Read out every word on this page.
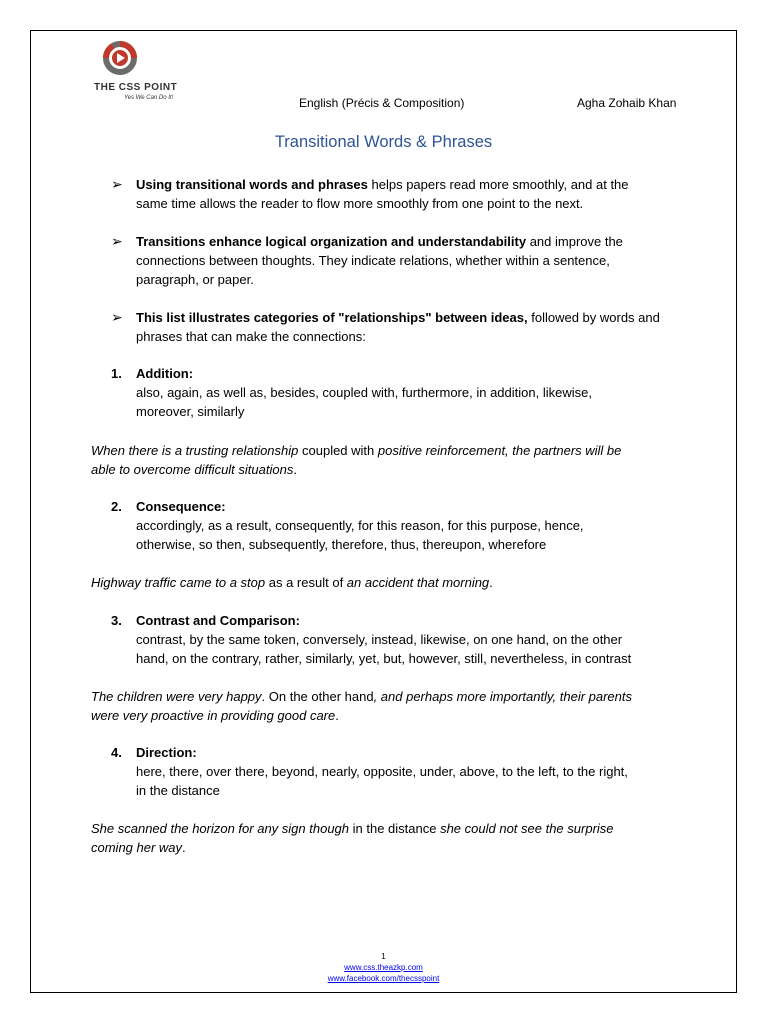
THE CSS POINT
Yes We Can Do It!	English (Précis & Composition)	Agha Zohaib Khan
Transitional Words & Phrases
➢ Using transitional words and phrases helps papers read more smoothly, and at the
same time allows the reader to flow more smoothly from one point to the next.
➢ Transitions enhance logical organization and understandability and improve the
connections between thoughts. They indicate relations, whether within a sentence,
paragraph, or paper.
➢ This list illustrates categories of "relationships" between ideas, followed by words and
phrases that can make the connections:
1. Addition:
also, again, as well as, besides, coupled with, furthermore, in addition, likewise,
moreover, similarly
When there is a trusting relationship coupled with positive reinforcement, the partners will be
able to overcome difficult situations.
2. Consequence:
accordingly, as a result, consequently, for this reason, for this purpose, hence,
otherwise, so then, subsequently, therefore, thus, thereupon, wherefore
Highway traffic came to a stop as a result of an accident that morning.
3. Contrast and Comparison:
contrast, by the same token, conversely, instead, likewise, on one hand, on the other
hand, on the contrary, rather, similarly, yet, but, however, still, nevertheless, in contrast
The children were very happy. On the other hand, and perhaps more importantly, their parents
were very proactive in providing good care.
4. Direction:
here, there, over there, beyond, nearly, opposite, under, above, to the left, to the right,
in the distance
She scanned the horizon for any sign though in the distance she could not see the surprise
coming her way.
1
www.css.theazkp.com
www.facebook.com/thecsspoint
